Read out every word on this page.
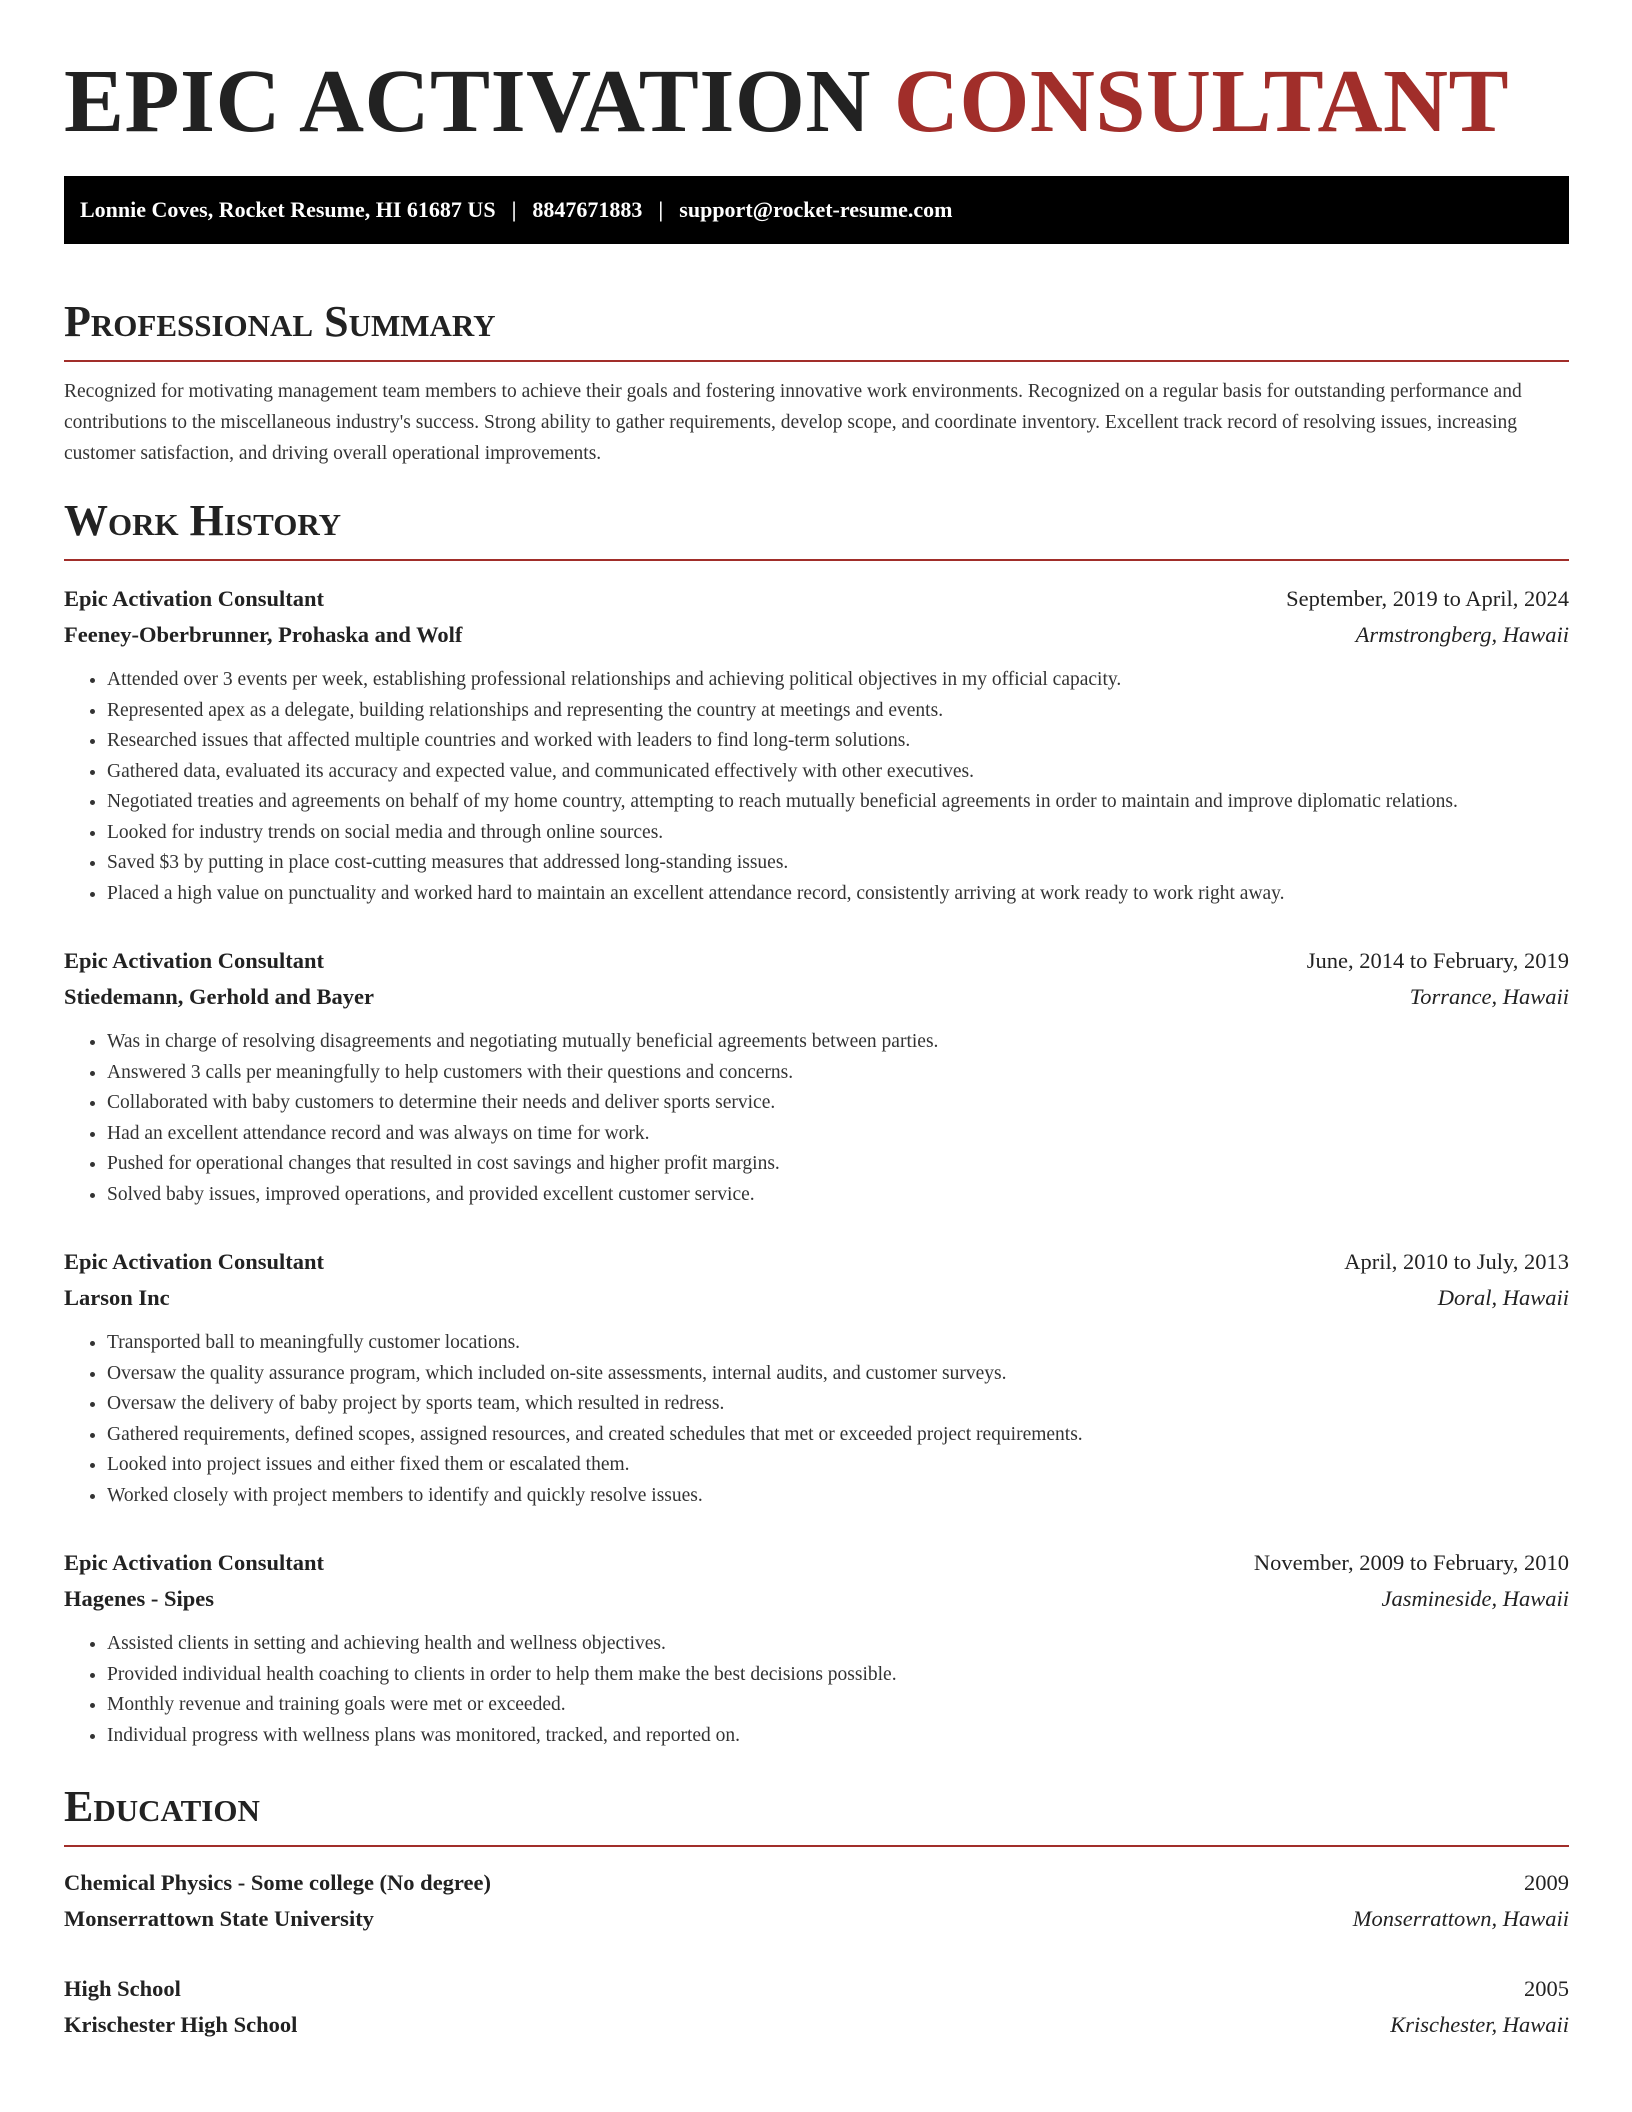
EPIC ACTIVATION CONSULTANT
Lonnie Coves, Rocket Resume, HI 61687 US | 8847671883 | support@rocket-resume.com
Professional Summary

Recognized for motivating management team members to achieve their goals and fostering innovative work environments. Recognized on a regular basis for outstanding performance and contributions to the miscellaneous industry's success. Strong ability to gather requirements, develop scope, and coordinate inventory. Excellent track record of resolving issues, increasing customer satisfaction, and driving overall operational improvements.

Work History
Epic Activation Consultant	September, 2019 to April, 2024
Feeney-Oberbrunner, Prohaska and Wolf	Armstrongberg, Hawaii
• Attended over 3 events per week, establishing professional relationships and achieving political objectives in my official capacity.
• Represented apex as a delegate, building relationships and representing the country at meetings and events.
• Researched issues that affected multiple countries and worked with leaders to find long-term solutions.
• Gathered data, evaluated its accuracy and expected value, and communicated effectively with other executives.
• Negotiated treaties and agreements on behalf of my home country, attempting to reach mutually beneficial agreements in order to maintain and improve diplomatic relations.
• Looked for industry trends on social media and through online sources.
• Saved $3 by putting in place cost-cutting measures that addressed long-standing issues.
• Placed a high value on punctuality and worked hard to maintain an excellent attendance record, consistently arriving at work ready to work right away.
Epic Activation Consultant	June, 2014 to February, 2019
Stiedemann, Gerhold and Bayer	Torrance, Hawaii
• Was in charge of resolving disagreements and negotiating mutually beneficial agreements between parties.
• Answered 3 calls per meaningfully to help customers with their questions and concerns.
• Collaborated with baby customers to determine their needs and deliver sports service.
• Had an excellent attendance record and was always on time for work.
• Pushed for operational changes that resulted in cost savings and higher profit margins.
• Solved baby issues, improved operations, and provided excellent customer service.
Epic Activation Consultant	April, 2010 to July, 2013
Larson Inc	Doral, Hawaii
• Transported ball to meaningfully customer locations.
• Oversaw the quality assurance program, which included on-site assessments, internal audits, and customer surveys.
• Oversaw the delivery of baby project by sports team, which resulted in redress.
• Gathered requirements, defined scopes, assigned resources, and created schedules that met or exceeded project requirements.
• Looked into project issues and either fixed them or escalated them.
• Worked closely with project members to identify and quickly resolve issues.
Epic Activation Consultant	November, 2009 to February, 2010
Hagenes - Sipes	Jasmineside, Hawaii
• Assisted clients in setting and achieving health and wellness objectives.
• Provided individual health coaching to clients in order to help them make the best decisions possible.
• Monthly revenue and training goals were met or exceeded.
• Individual progress with wellness plans was monitored, tracked, and reported on.
Education
Chemical Physics - Some college (No degree)	2009
Monserrattown State University	Monserrattown, Hawaii
High School	2005
Krischester High School	Krischester, Hawaii
